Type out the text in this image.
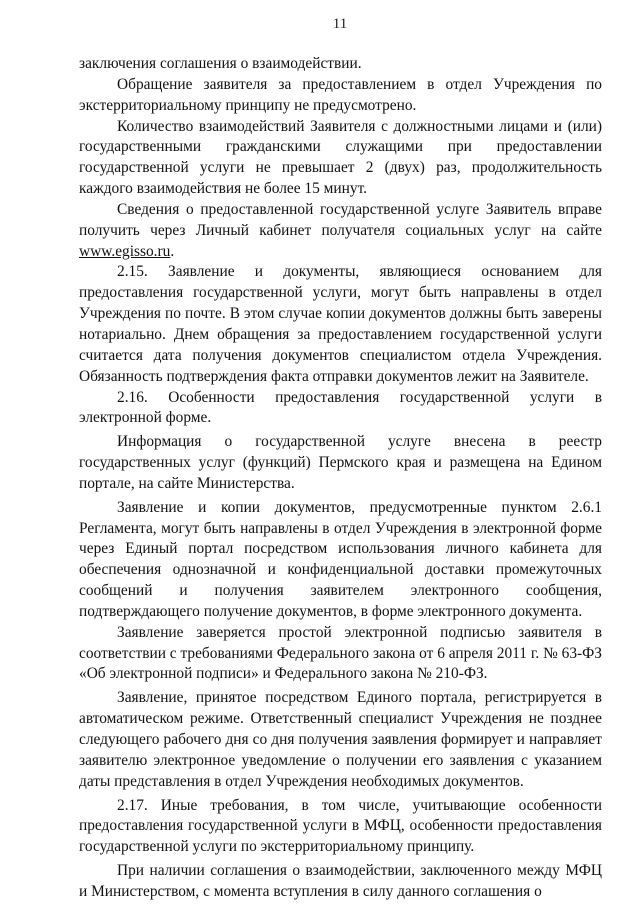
11

заключения соглашения о взаимодействии.

Обращение заявителя за предоставлением в отдел Учреждения по экстерриториальному принципу не предусмотрено.

Количество взаимодействий Заявителя с должностными лицами и (или) государственными гражданскими служащими при предоставлении государственной услуги не превышает 2 (двух) раз, продолжительность каждого взаимодействия не более 15 минут.

Сведения о предоставленной государственной услуге Заявитель вправе получить через Личный кабинет получателя социальных услуг на сайте www.egisso.ru.

2.15. Заявление и документы, являющиеся основанием для предоставления государственной услуги, могут быть направлены в отдел Учреждения по почте. В этом случае копии документов должны быть заверены нотариально. Днем обращения за предоставлением государственной услуги считается дата получения документов специалистом отдела Учреждения. Обязанность подтверждения факта отправки документов лежит на Заявителе.

2.16. Особенности предоставления государственной услуги в электронной форме.

Информация о государственной услуге внесена в реестр государственных услуг (функций) Пермского края и размещена на Едином портале, на сайте Министерства.

Заявление и копии документов, предусмотренные пунктом 2.6.1 Регламента, могут быть направлены в отдел Учреждения в электронной форме через Единый портал посредством использования личного кабинета для обеспечения однозначной и конфиденциальной доставки промежуточных сообщений и получения заявителем электронного сообщения, подтверждающего получение документов, в форме электронного документа.

Заявление заверяется простой электронной подписью заявителя в соответствии с требованиями Федерального закона от 6 апреля 2011 г. № 63-ФЗ «Об электронной подписи» и Федерального закона № 210-ФЗ.

Заявление, принятое посредством Единого портала, регистрируется в автоматическом режиме. Ответственный специалист Учреждения не позднее следующего рабочего дня со дня получения заявления формирует и направляет заявителю электронное уведомление о получении его заявления с указанием даты представления в отдел Учреждения необходимых документов.

2.17. Иные требования, в том числе, учитывающие особенности предоставления государственной услуги в МФЦ, особенности предоставления государственной услуги по экстерриториальному принципу.

При наличии соглашения о взаимодействии, заключенного между МФЦ и Министерством, с момента вступления в силу данного соглашения о
